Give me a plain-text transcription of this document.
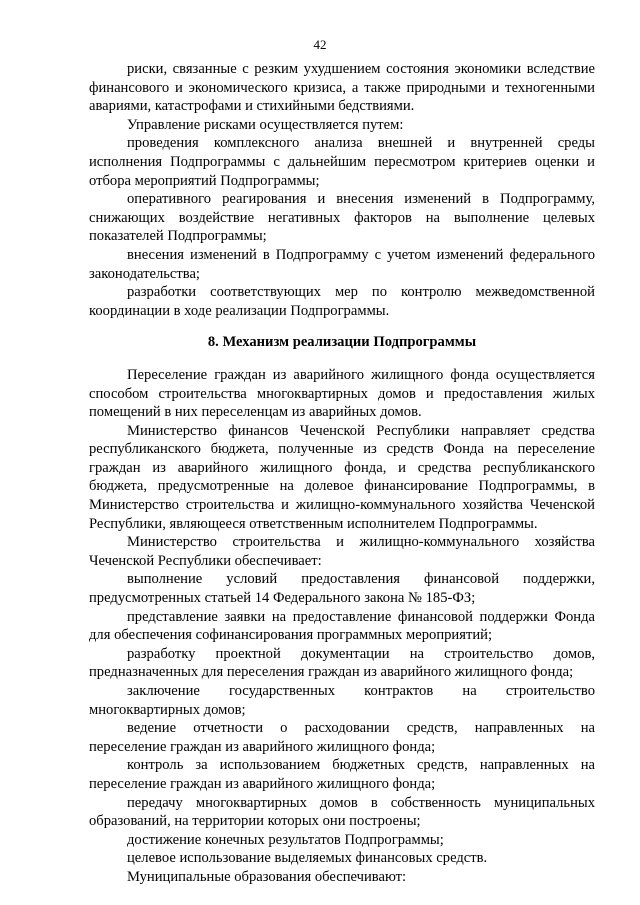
42

риски, связанные с резким ухудшением состояния экономики вследствие финансового и экономического кризиса, а также природными и техногенными авариями, катастрофами и стихийными бедствиями.

Управление рисками осуществляется путем:

проведения комплексного анализа внешней и внутренней среды исполнения Подпрограммы с дальнейшим пересмотром критериев оценки и отбора мероприятий Подпрограммы;

оперативного реагирования и внесения изменений в Подпрограмму, снижающих воздействие негативных факторов на выполнение целевых показателей Подпрограммы;

внесения изменений в Подпрограмму с учетом изменений федерального законодательства;

разработки соответствующих мер по контролю межведомственной координации в ходе реализации Подпрограммы.

8. Механизм реализации Подпрограммы

Переселение граждан из аварийного жилищного фонда осуществляется способом строительства многоквартирных домов и предоставления жилых помещений в них переселенцам из аварийных домов.

Министерство финансов Чеченской Республики направляет средства республиканского бюджета, полученные из средств Фонда на переселение граждан из аварийного жилищного фонда, и средства республиканского бюджета, предусмотренные на долевое финансирование Подпрограммы, в Министерство строительства и жилищно-коммунального хозяйства Чеченской Республики, являющееся ответственным исполнителем Подпрограммы.

Министерство строительства и жилищно-коммунального хозяйства Чеченской Республики обеспечивает:

выполнение условий предоставления финансовой поддержки, предусмотренных статьей 14 Федерального закона № 185-ФЗ;

представление заявки на предоставление финансовой поддержки Фонда для обеспечения софинансирования программных мероприятий;

разработку проектной документации на строительство домов, предназначенных для переселения граждан из аварийного жилищного фонда;

заключение государственных контрактов на строительство многоквартирных домов;

ведение отчетности о расходовании средств, направленных на переселение граждан из аварийного жилищного фонда;

контроль за использованием бюджетных средств, направленных на переселение граждан из аварийного жилищного фонда;

передачу многоквартирных домов в собственность муниципальных образований, на территории которых они построены;

достижение конечных результатов Подпрограммы;

целевое использование выделяемых финансовых средств.

Муниципальные образования обеспечивают:
